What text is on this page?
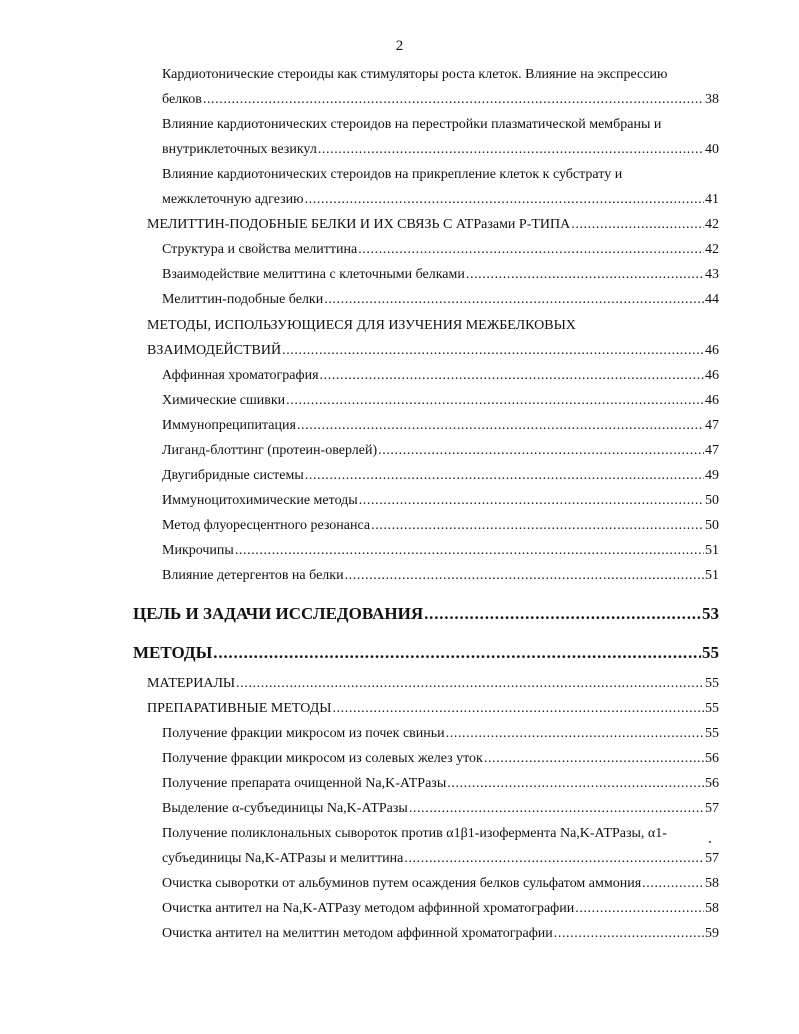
2
Кардиотонические стероиды как стимуляторы роста клеток. Влияние на экспрессию
белков .....	38
Влияние кардиотонических стероидов на перестройки плазматической мембраны и
внутриклеточных везикул .....	40
Влияние кардиотонических стероидов на прикрепление клеток к субстрату и
межклеточную адгезию .....	41
МЕЛИТТИН-ПОДОБНЫЕ БЕЛКИ И ИХ СВЯЗЬ С АТРазами Р-ТИПА .....	42
Структура и свойства мелиттина .....	42
Взаимодействие мелиттина с клеточными белками .....	43
Мелиттин-подобные белки .....	44
МЕТОДЫ, ИСПОЛЬЗУЮЩИЕСЯ ДЛЯ ИЗУЧЕНИЯ МЕЖБЕЛКОВЫХ
ВЗАИМОДЕЙСТВИЙ .....	46
Аффинная хроматография .....	46
Химические сшивки .....	46
Иммунопреципитация .....	47
Лиганд-блоттинг (протеин-оверлей) .....	47
Двугибридные системы .....	49
Иммуноцитохимические методы .....	50
Метод флуоресцентного резонанса .....	50
Микрочипы .....	51
Влияние детергентов на белки .....	51
ЦЕЛЬ И ЗАДАЧИ ИССЛЕДОВАНИЯ .....	53
МЕТОДЫ .....	55
МАТЕРИАЛЫ .....	55
ПРЕПАРАТИВНЫЕ МЕТОДЫ .....	55
Получение фракции микросом из почек свиньи .....	55
Получение фракции микросом из солевых желез уток .....	56
Получение препарата очищенной Na,K-АТРазы .....	56
Выделение α-субъединицы Na,K-АТРазы .....	57
Получение поликлональных сывороток против α1β1-изофермента Na,K-АТРазы, α1-
субъединицы Na,K-АТРазы и мелиттина .....	57
Очистка сыворотки от альбуминов путем осаждения белков сульфатом аммония .....	58
Очистка антител на Na,K-АТРазу методом аффинной хроматографии .....	58
Очистка антител на мелиттин методом аффинной хроматографии .....	59
